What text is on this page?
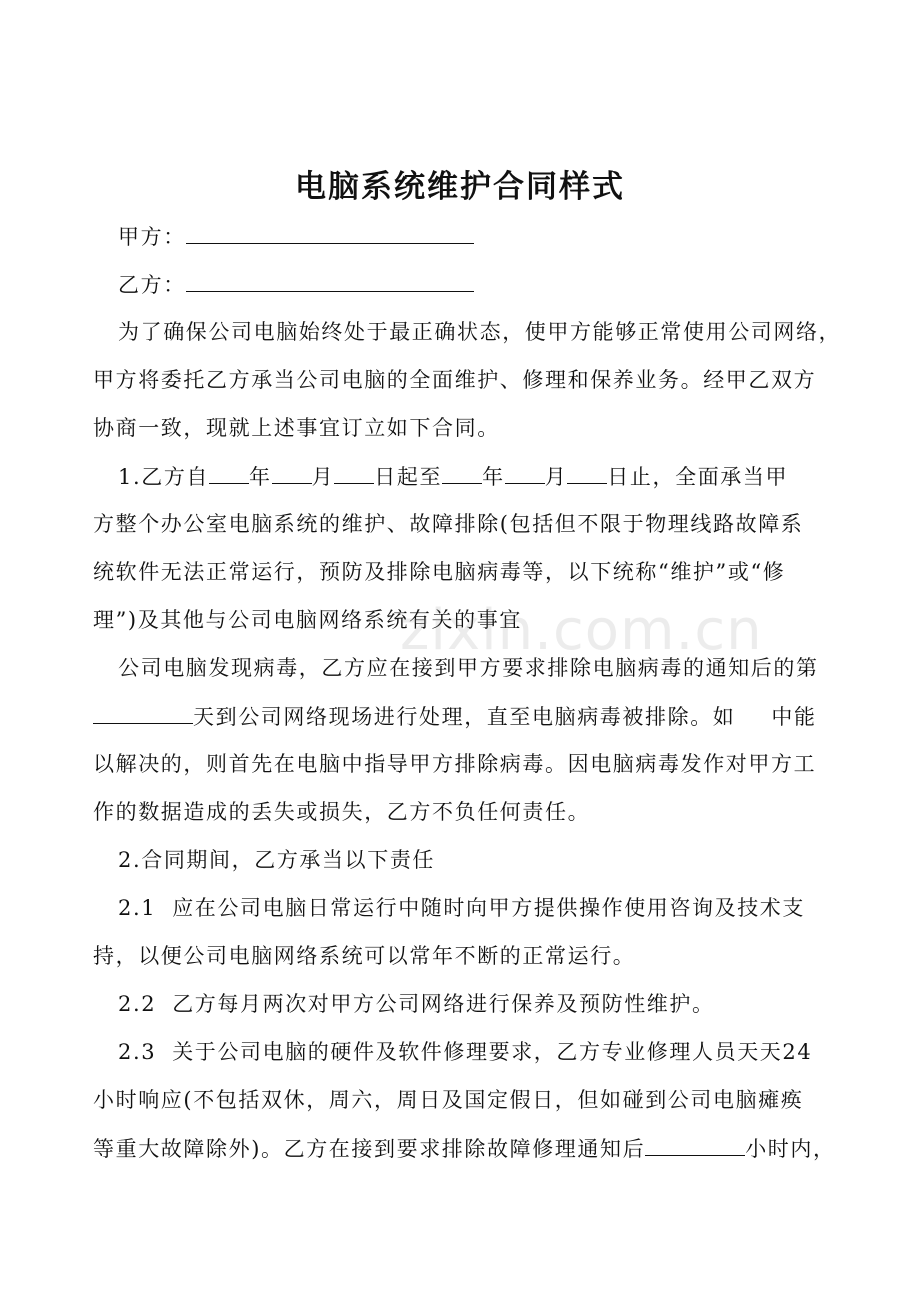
电脑系统维护合同样式
甲方：
乙方：
为了确保公司电脑始终处于最正确状态，使甲方能够正常使用公司网络，
甲方将委托乙方承当公司电脑的全面维护、修理和保养业务。经甲乙双方
协商一致，现就上述事宜订立如下合同。
1.乙方自 年 月 日起至 年 月 日止，全面承当甲
方整个办公室电脑系统的维护、故障排除(包括但不限于物理线路故障系
统软件无法正常运行，预防及排除电脑病毒等，以下统称“维护”或“修
理”)及其他与公司电脑网络系统有关的事宜
公司电脑发现病毒，乙方应在接到甲方要求排除电脑病毒的通知后的第
天到公司网络现场进行处理，直至电脑病毒被排除。如 中能
以解决的，则首先在电脑中指导甲方排除病毒。因电脑病毒发作对甲方工
作的数据造成的丢失或损失，乙方不负任何责任。
2.合同期间，乙方承当以下责任
2.1 应在公司电脑日常运行中随时向甲方提供操作使用咨询及技术支
持，以便公司电脑网络系统可以常年不断的正常运行。
2.2 乙方每月两次对甲方公司网络进行保养及预防性维护。
2.3 关于公司电脑的硬件及软件修理要求，乙方专业修理人员天天24
小时响应(不包括双休，周六，周日及国定假日，但如碰到公司电脑瘫痪
等重大故障除外)。乙方在接到要求排除故障修理通知后	小时内，
zixin.com.cn
